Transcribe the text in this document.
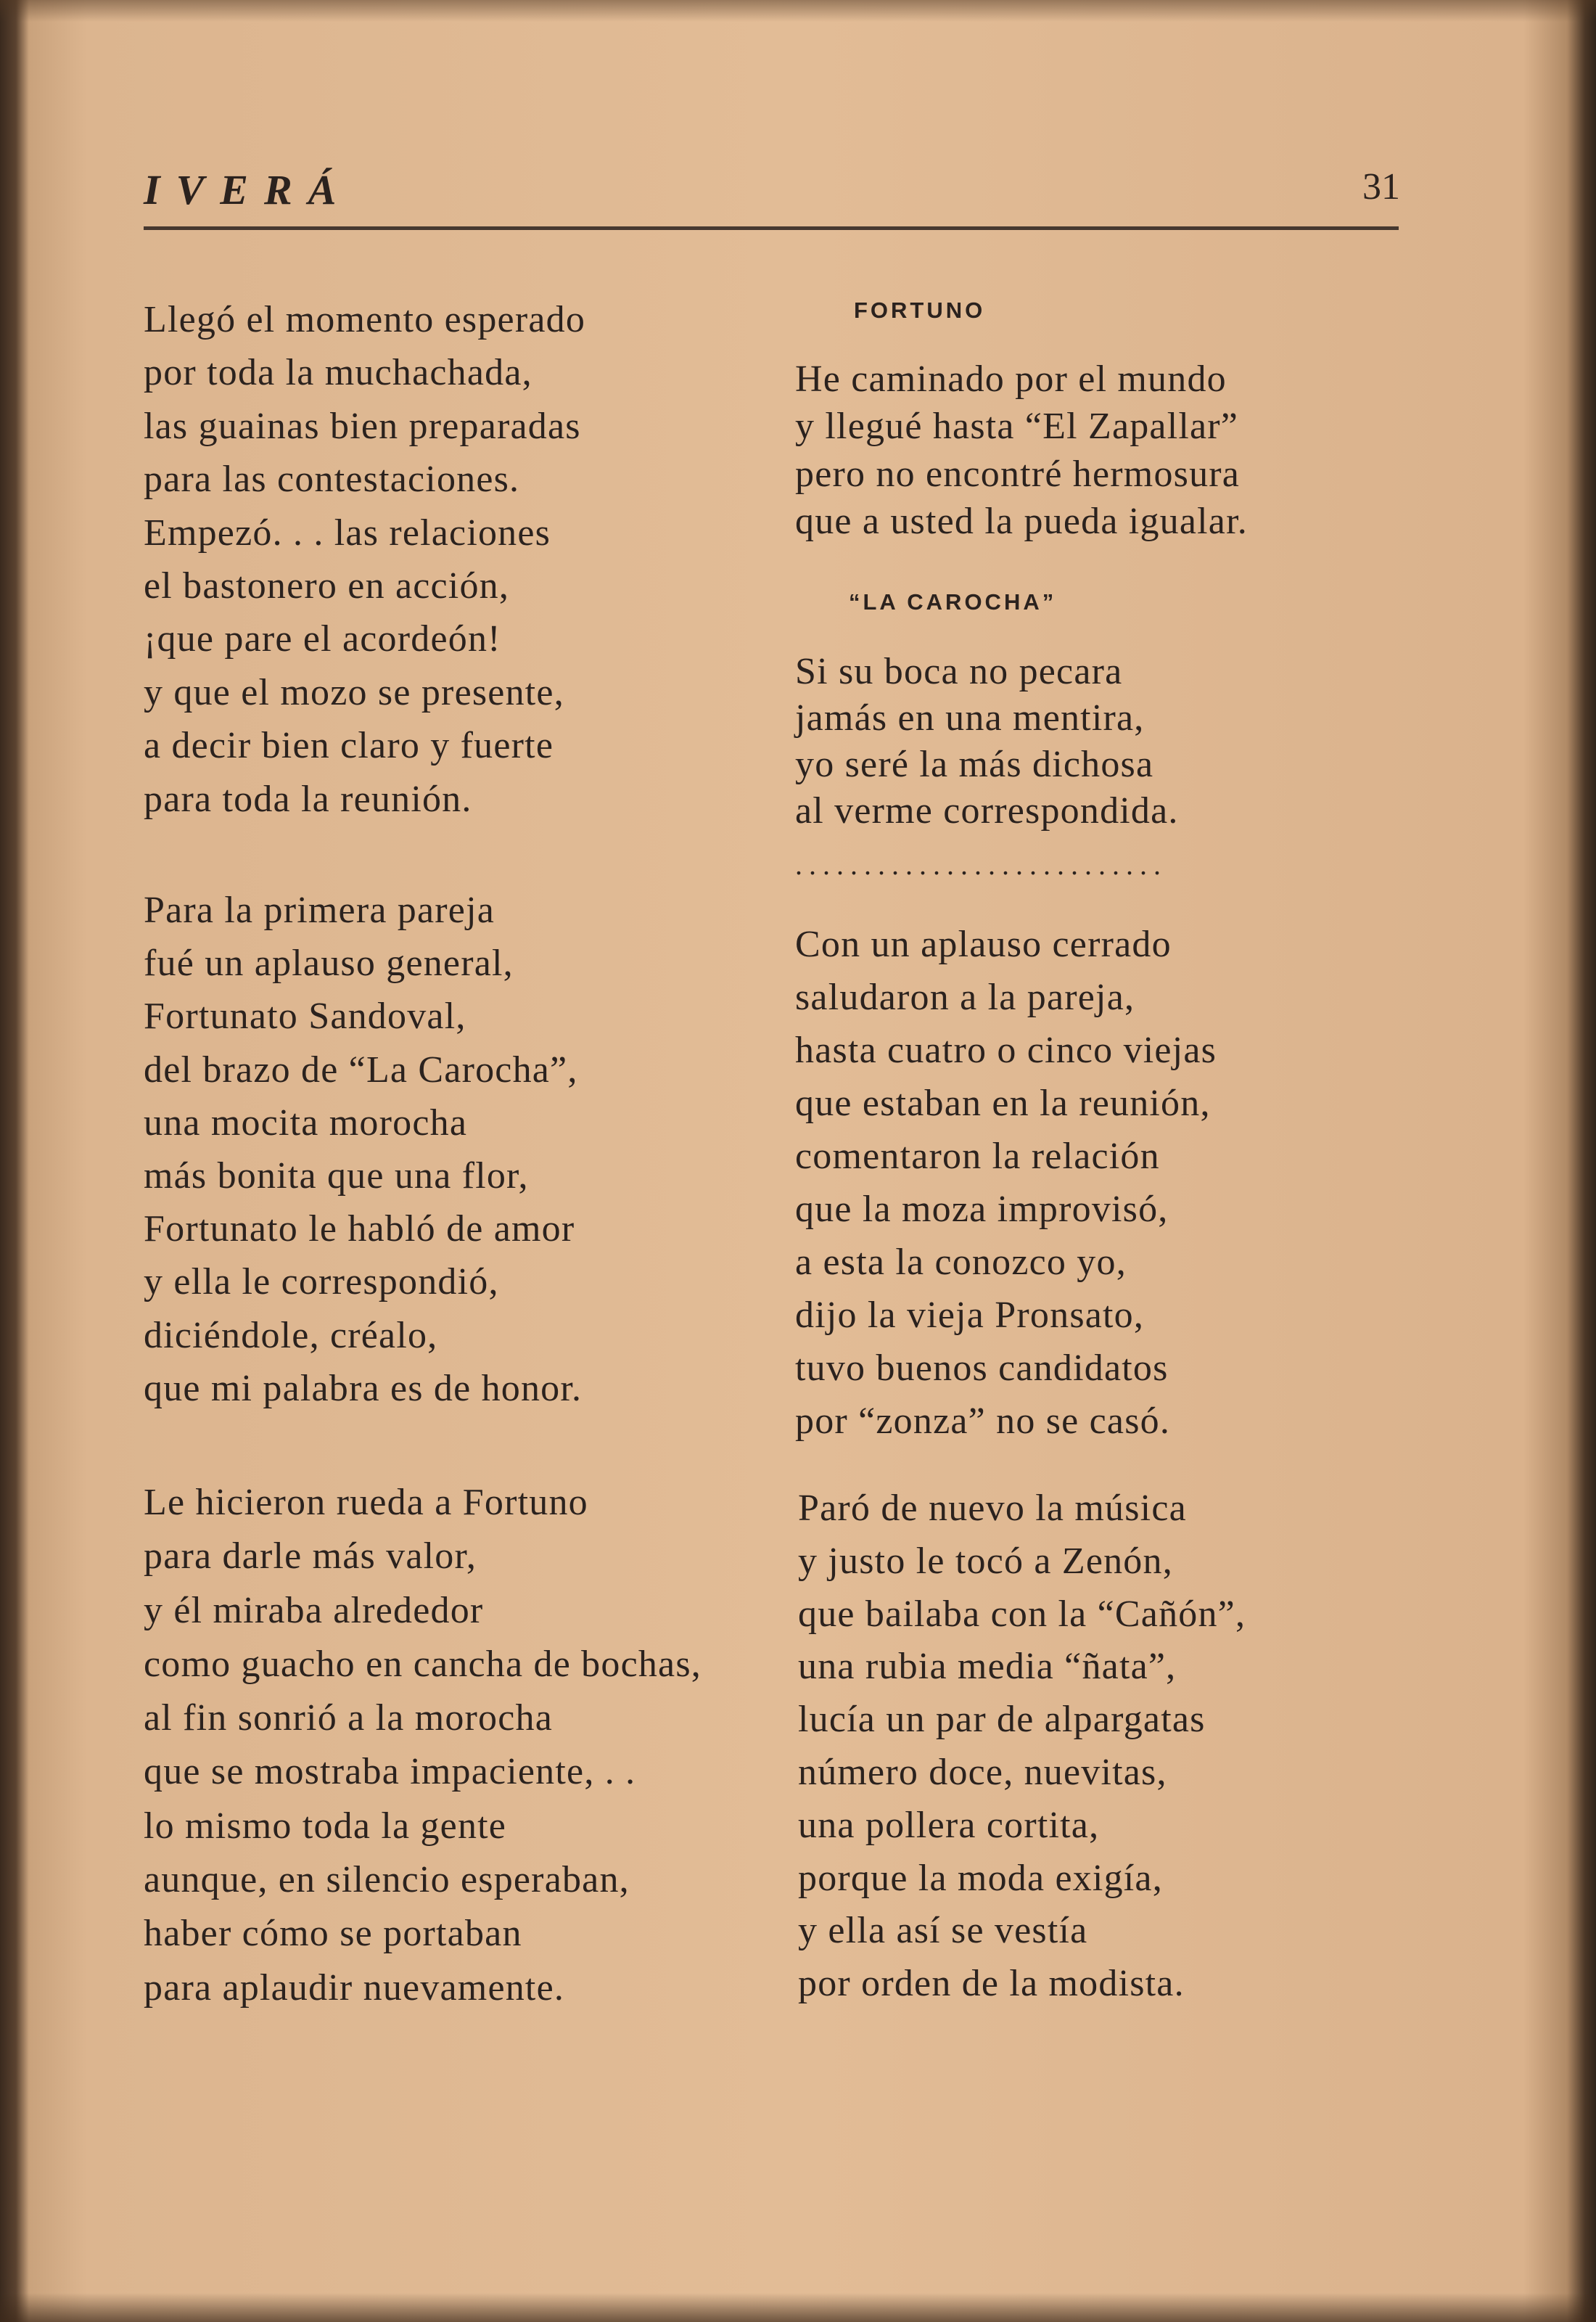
IVERÁ	31
Llegó el momento esperado
por toda la muchachada,
las guainas bien preparadas
para las contestaciones.
Empezó. . . las relaciones
el bastonero en acción,
¡que pare el acordeón!
y que el mozo se presente,
a decir bien claro y fuerte
para toda la reunión.
Para la primera pareja
fué un aplauso general,
Fortunato Sandoval,
del brazo de “La Carocha”,
una mocita morocha
más bonita que una flor,
Fortunato le habló de amor
y ella le correspondió,
diciéndole, créalo,
que mi palabra es de honor.
Le hicieron rueda a Fortuno
para darle más valor,
y él miraba alrededor
como guacho en cancha de bochas,
al fin sonrió a la morocha
que se mostraba impaciente, . .
lo mismo toda la gente
aunque, en silencio esperaban,
haber cómo se portaban
para aplaudir nuevamente.
FORTUNO
He caminado por el mundo
y llegué hasta “El Zapallar”
pero no encontré hermosura
que a usted la pueda igualar.
“LA CAROCHA”
Si su boca no pecara
jamás en una mentira,
yo seré la más dichosa
al verme correspondida.
...........................
Con un aplauso cerrado
saludaron a la pareja,
hasta cuatro o cinco viejas
que estaban en la reunión,
comentaron la relación
que la moza improvisó,
a esta la conozco yo,
dijo la vieja Pronsato,
tuvo buenos candidatos
por “zonza” no se casó.
Paró de nuevo la música
y justo le tocó a Zenón,
que bailaba con la “Cañón”,
una rubia media “ñata”,
lucía un par de alpargatas
número doce, nuevitas,
una pollera cortita,
porque la moda exigía,
y ella así se vestía
por orden de la modista.
